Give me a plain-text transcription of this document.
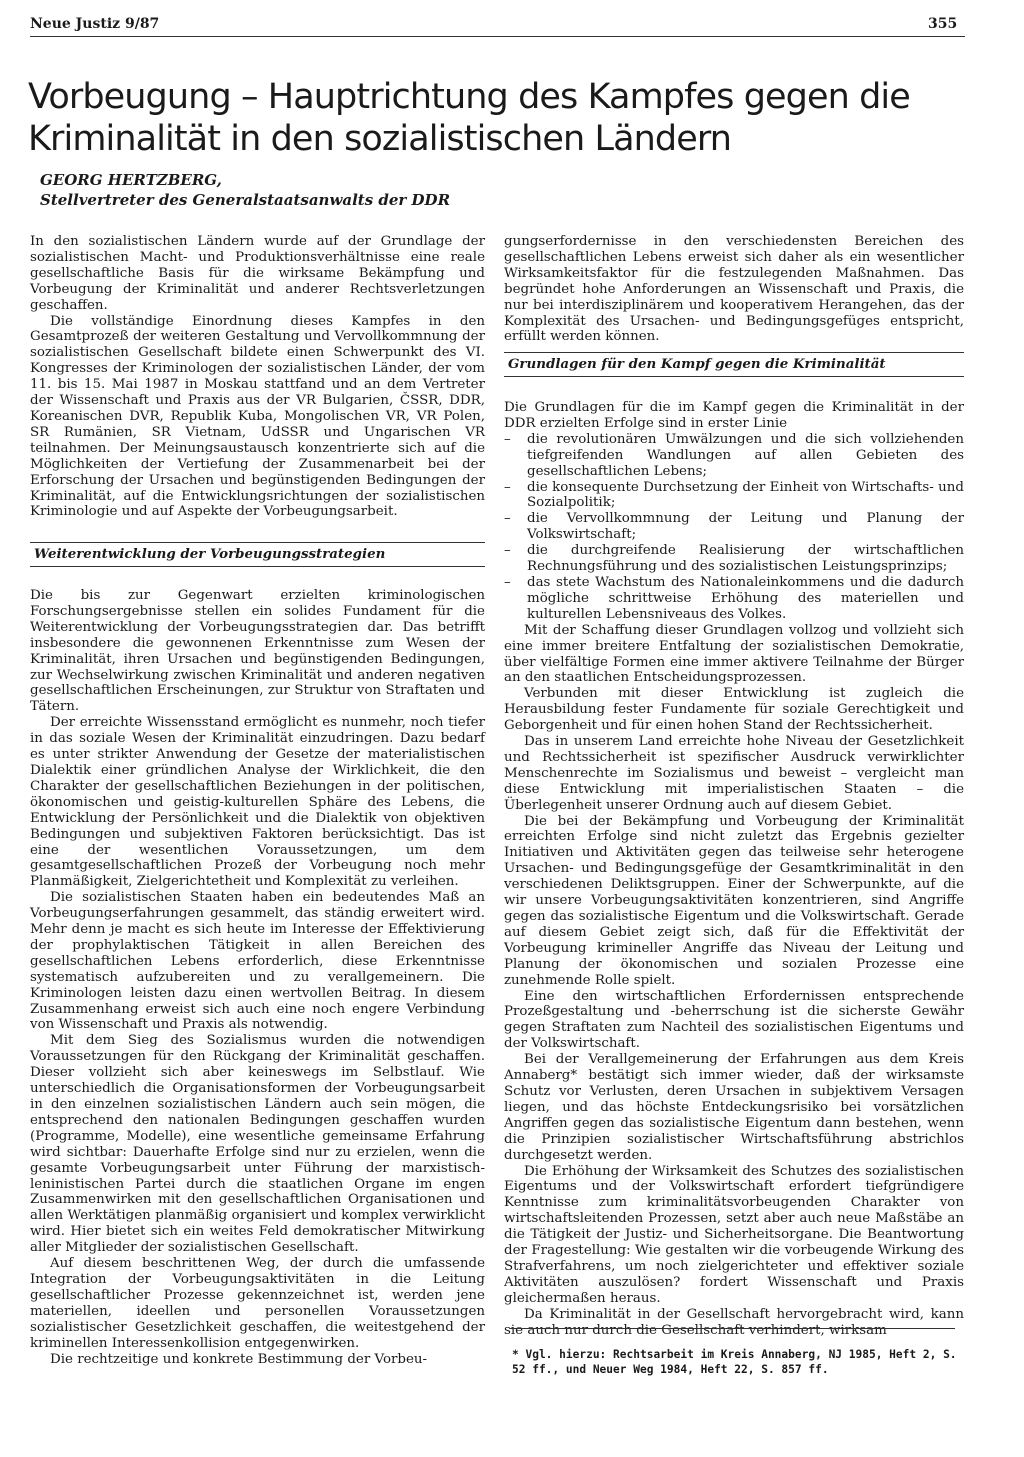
Neue Justiz 9/87	355
Vorbeugung – Hauptrichtung des Kampfes gegen die Kriminalität in den sozialistischen Ländern
GEORG HERTZBERG,
Stellvertreter des Generalstaatsanwalts der DDR

In den sozialistischen Ländern wurde auf der Grundlage der sozialistischen Macht- und Produktionsverhältnisse eine reale gesellschaftliche Basis für die wirksame Bekämpfung und Vorbeugung der Kriminalität und anderer Rechtsverletzungen geschaffen.

Die vollständige Einordnung dieses Kampfes in den Gesamtprozeß der weiteren Gestaltung und Vervollkommnung der sozialistischen Gesellschaft bildete einen Schwerpunkt des VI. Kongresses der Kriminologen der sozialistischen Länder, der vom 11. bis 15. Mai 1987 in Moskau stattfand und an dem Vertreter der Wissenschaft und Praxis aus der VR Bulgarien, ČSSR, DDR, Koreanischen DVR, Republik Kuba, Mongolischen VR, VR Polen, SR Rumänien, SR Vietnam, UdSSR und Ungarischen VR teilnahmen. Der Meinungsaustausch konzentrierte sich auf die Möglichkeiten der Vertiefung der Zusammenarbeit bei der Erforschung der Ursachen und begünstigenden Bedingungen der Kriminalität, auf die Entwicklungsrichtungen der sozialistischen Kriminologie und auf Aspekte der Vorbeugungsarbeit.

Weiterentwicklung der Vorbeugungsstrategien

Die bis zur Gegenwart erzielten kriminologischen Forschungsergebnisse stellen ein solides Fundament für die Weiterentwicklung der Vorbeugungsstrategien dar. Das betrifft insbesondere die gewonnenen Erkenntnisse zum Wesen der Kriminalität, ihren Ursachen und begünstigenden Bedingungen, zur Wechselwirkung zwischen Kriminalität und anderen negativen gesellschaftlichen Erscheinungen, zur Struktur von Straftaten und Tätern.

Der erreichte Wissensstand ermöglicht es nunmehr, noch tiefer in das soziale Wesen der Kriminalität einzudringen. Dazu bedarf es unter strikter Anwendung der Gesetze der materialistischen Dialektik einer gründlichen Analyse der Wirklichkeit, die den Charakter der gesellschaftlichen Beziehungen in der politischen, ökonomischen und geistig-kulturellen Sphäre des Lebens, die Entwicklung der Persönlichkeit und die Dialektik von objektiven Bedingungen und subjektiven Faktoren berücksichtigt. Das ist eine der wesentlichen Voraussetzungen, um dem gesamtgesellschaftlichen Prozeß der Vorbeugung noch mehr Planmäßigkeit, Zielgerichtetheit und Komplexität zu verleihen.

Die sozialistischen Staaten haben ein bedeutendes Maß an Vorbeugungserfahrungen gesammelt, das ständig erweitert wird. Mehr denn je macht es sich heute im Interesse der Effektivierung der prophylaktischen Tätigkeit in allen Bereichen des gesellschaftlichen Lebens erforderlich, diese Erkenntnisse systematisch aufzubereiten und zu verallgemeinern. Die Kriminologen leisten dazu einen wertvollen Beitrag. In diesem Zusammenhang erweist sich auch eine noch engere Verbindung von Wissenschaft und Praxis als notwendig.

Mit dem Sieg des Sozialismus wurden die notwendigen Voraussetzungen für den Rückgang der Kriminalität geschaffen. Dieser vollzieht sich aber keineswegs im Selbstlauf. Wie unterschiedlich die Organisationsformen der Vorbeugungsarbeit in den einzelnen sozialistischen Ländern auch sein mögen, die entsprechend den nationalen Bedingungen geschaffen wurden (Programme, Modelle), eine wesentliche gemeinsame Erfahrung wird sichtbar: Dauerhafte Erfolge sind nur zu erzielen, wenn die gesamte Vorbeugungsarbeit unter Führung der marxistisch-leninistischen Partei durch die staatlichen Organe im engen Zusammenwirken mit den gesellschaftlichen Organisationen und allen Werktätigen planmäßig organisiert und komplex verwirklicht wird. Hier bietet sich ein weites Feld demokratischer Mitwirkung aller Mitglieder der sozialistischen Gesellschaft.

Auf diesem beschrittenen Weg, der durch die umfassende Integration der Vorbeugungsaktivitäten in die Leitung gesellschaftlicher Prozesse gekennzeichnet ist, werden jene materiellen, ideellen und personellen Voraussetzungen sozialistischer Gesetzlichkeit geschaffen, die weitestgehend der kriminellen Interessenkollision entgegenwirken.

Die rechtzeitige und konkrete Bestimmung der Vorbeu-

gungserfordernisse in den verschiedensten Bereichen des gesellschaftlichen Lebens erweist sich daher als ein wesentlicher Wirksamkeitsfaktor für die festzulegenden Maßnahmen. Das begründet hohe Anforderungen an Wissenschaft und Praxis, die nur bei interdisziplinärem und kooperativem Herangehen, das der Komplexität des Ursachen- und Bedingungsgefüges entspricht, erfüllt werden können.

Grundlagen für den Kampf gegen die Kriminalität

Die Grundlagen für die im Kampf gegen die Kriminalität in der DDR erzielten Erfolge sind in erster Linie

– die revolutionären Umwälzungen und die sich vollziehenden tiefgreifenden Wandlungen auf allen Gebieten des gesellschaftlichen Lebens;
– die konsequente Durchsetzung der Einheit von Wirtschafts- und Sozialpolitik;
– die Vervollkommnung der Leitung und Planung der Volkswirtschaft;
– die durchgreifende Realisierung der wirtschaftlichen Rechnungsführung und des sozialistischen Leistungsprinzips;
– das stete Wachstum des Nationaleinkommens und die dadurch mögliche schrittweise Erhöhung des materiellen und kulturellen Lebensniveaus des Volkes.

Mit der Schaffung dieser Grundlagen vollzog und vollzieht sich eine immer breitere Entfaltung der sozialistischen Demokratie, über vielfältige Formen eine immer aktivere Teilnahme der Bürger an den staatlichen Entscheidungsprozessen.

Verbunden mit dieser Entwicklung ist zugleich die Herausbildung fester Fundamente für soziale Gerechtigkeit und Geborgenheit und für einen hohen Stand der Rechtssicherheit.

Das in unserem Land erreichte hohe Niveau der Gesetzlichkeit und Rechtssicherheit ist spezifischer Ausdruck verwirklichter Menschenrechte im Sozialismus und beweist – vergleicht man diese Entwicklung mit imperialistischen Staaten – die Überlegenheit unserer Ordnung auch auf diesem Gebiet.

Die bei der Bekämpfung und Vorbeugung der Kriminalität erreichten Erfolge sind nicht zuletzt das Ergebnis gezielter Initiativen und Aktivitäten gegen das teilweise sehr heterogene Ursachen- und Bedingungsgefüge der Gesamtkriminalität in den verschiedenen Deliktsgruppen. Einer der Schwerpunkte, auf die wir unsere Vorbeugungsaktivitäten konzentrieren, sind Angriffe gegen das sozialistische Eigentum und die Volkswirtschaft. Gerade auf diesem Gebiet zeigt sich, daß für die Effektivität der Vorbeugung krimineller Angriffe das Niveau der Leitung und Planung der ökonomischen und sozialen Prozesse eine zunehmende Rolle spielt.

Eine den wirtschaftlichen Erfordernissen entsprechende Prozeßgestaltung und -beherrschung ist die sicherste Gewähr gegen Straftaten zum Nachteil des sozialistischen Eigentums und der Volkswirtschaft.

Bei der Verallgemeinerung der Erfahrungen aus dem Kreis Annaberg* bestätigt sich immer wieder, daß der wirksamste Schutz vor Verlusten, deren Ursachen in subjektivem Versagen liegen, und das höchste Entdeckungsrisiko bei vorsätzlichen Angriffen gegen das sozialistische Eigentum dann bestehen, wenn die Prinzipien sozialistischer Wirtschaftsführung abstrichlos durchgesetzt werden.

Die Erhöhung der Wirksamkeit des Schutzes des sozialistischen Eigentums und der Volkswirtschaft erfordert tiefgründigere Kenntnisse zum kriminalitätsvorbeugenden Charakter von wirtschaftsleitenden Prozessen, setzt aber auch neue Maßstäbe an die Tätigkeit der Justiz- und Sicherheitsorgane. Die Beantwortung der Fragestellung: Wie gestalten wir die vorbeugende Wirkung des Strafverfahrens, um noch zielgerichteter und effektiver soziale Aktivitäten auszulösen? fordert Wissenschaft und Praxis gleichermaßen heraus.

Da Kriminalität in der Gesellschaft hervorgebracht wird, kann sie auch nur durch die Gesellschaft verhindert, wirksam

* Vgl. hierzu: Rechtsarbeit im Kreis Annaberg, NJ 1985, Heft 2, S. 52 ff., und Neuer Weg 1984, Heft 22, S. 857 ff.
